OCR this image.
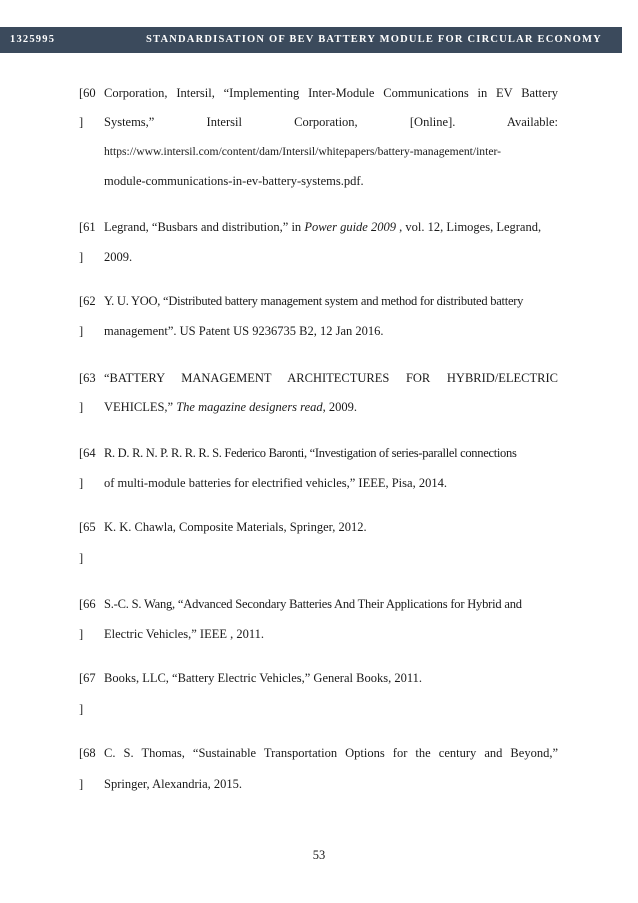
1325995	STANDARDISATION OF BEV BATTERY MODULE FOR CIRCULAR ECONOMY
[60
]
Corporation, Intersil, “Implementing Inter-Module Communications in EV Battery
Systems,” Intersil Corporation, [Online]. Available:
https://www.intersil.com/content/dam/Intersil/whitepapers/battery-management/inter-
module-communications-in-ev-battery-systems.pdf.
[61
]
Legrand, “Busbars and distribution,” in Power guide 2009 , vol. 12, Limoges, Legrand,
2009.
[62
]
Y. U. YOO, “Distributed battery management system and method for distributed battery
management”. US Patent US 9236735 B2, 12 Jan 2016.
[63
]
“BATTERY MANAGEMENT ARCHITECTURES FOR HYBRID/ELECTRIC
VEHICLES,” The magazine designers read, 2009.
[64
]
R. D. R. N. P. R. R. R. S. Federico Baronti, “Investigation of series-parallel connections
of multi-module batteries for electrified vehicles,” IEEE, Pisa, 2014.
[65
]
K. K. Chawla, Composite Materials, Springer, 2012.
[66
]
S.-C. S. Wang, “Advanced Secondary Batteries And Their Applications for Hybrid and
Electric Vehicles,” IEEE , 2011.
[67
]
Books, LLC, “Battery Electric Vehicles,” General Books, 2011.
[68
]
C. S. Thomas, “Sustainable Transportation Options for the century and Beyond,”
Springer, Alexandria, 2015.
53
